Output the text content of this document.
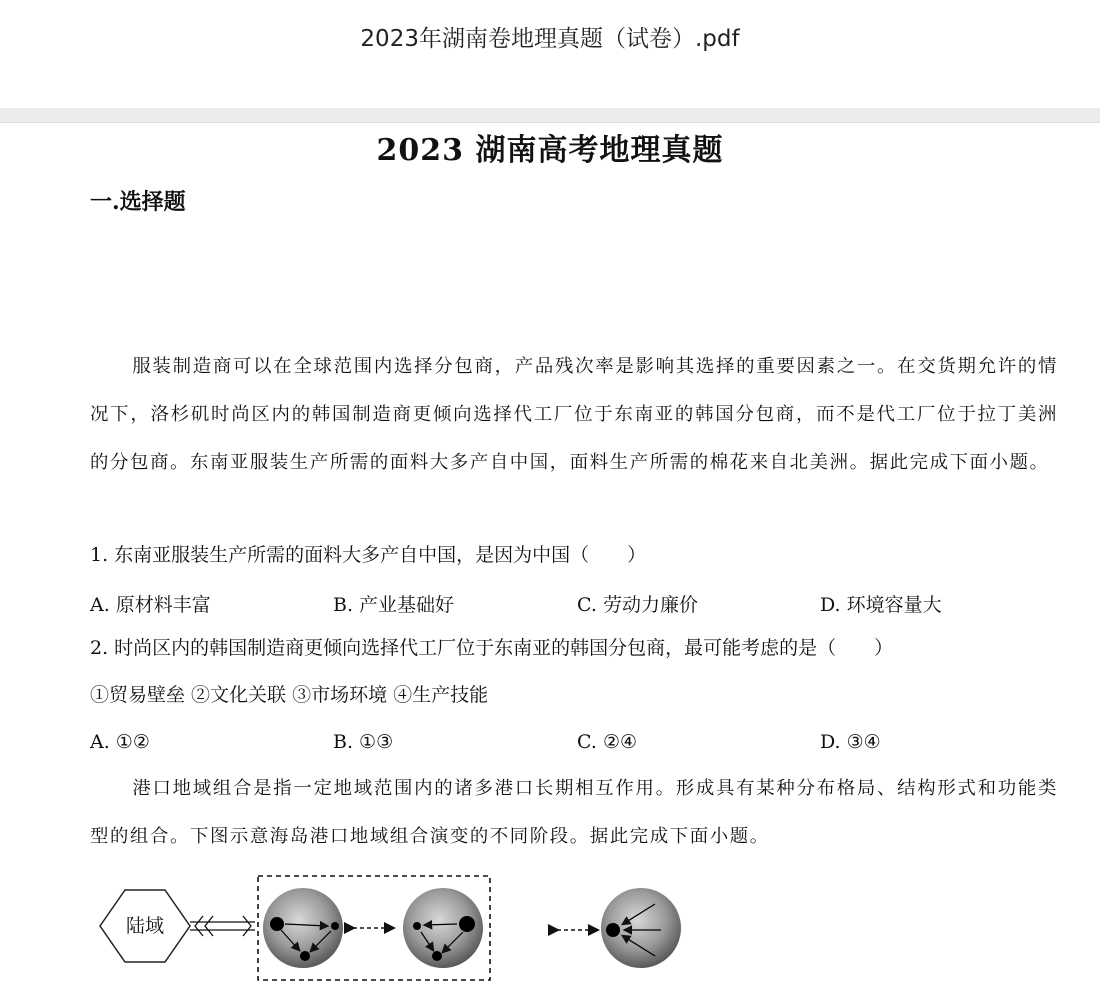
2023年湖南卷地理真题（试卷）.pdf
2023 湖南高考地理真题
一.选择题
服装制造商可以在全球范围内选择分包商，产品残次率是影响其选择的重要因素之一。在交货期允许的情况下，洛杉矶时尚区内的韩国制造商更倾向选择代工厂位于东南亚的韩国分包商，而不是代工厂位于拉丁美洲的分包商。东南亚服装生产所需的面料大多产自中国，面料生产所需的棉花来自北美洲。据此完成下面小题。
1. 东南亚服装生产所需的面料大多产自中国，是因为中国（　　）
A. 原材料丰富	B. 产业基础好	C. 劳动力廉价	D. 环境容量大
2. 时尚区内的韩国制造商更倾向选择代工厂位于东南亚的韩国分包商，最可能考虑的是（　　）
①贸易壁垒 ②文化关联 ③市场环境 ④生产技能
A. ①②	B. ①③	C. ②④	D. ③④
港口地域组合是指一定地域范围内的诸多港口长期相互作用。形成具有某种分布格局、结构形式和功能类型的组合。下图示意海岛港口地域组合演变的不同阶段。据此完成下面小题。
陆域
